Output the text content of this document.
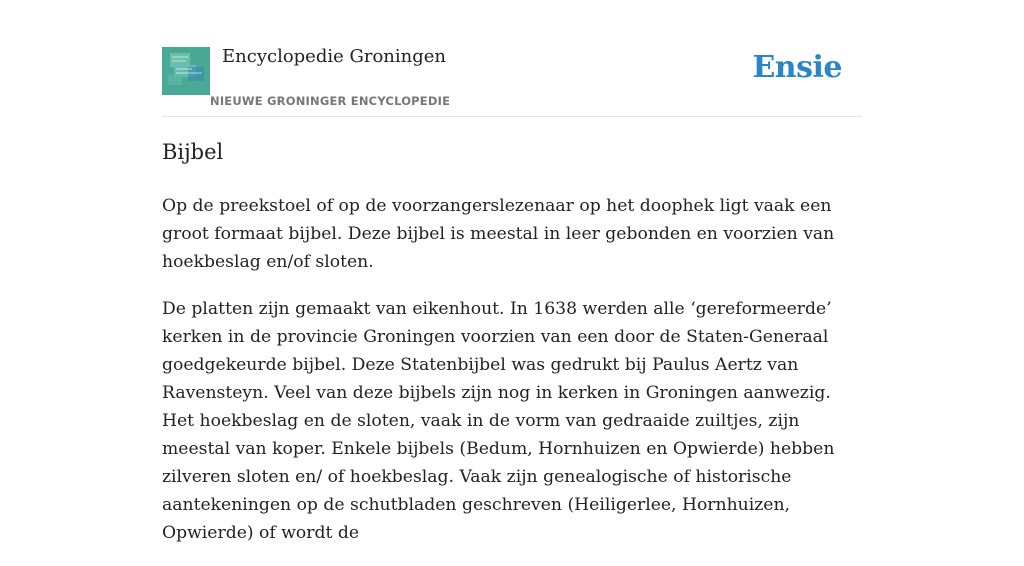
Encyclopedie Groningen
NIEUWE GRONINGER ENCYCLOPEDIE
Ensie
Bijbel

Op de preekstoel of op de voorzangerslezenaar op het doophek ligt vaak een groot formaat bijbel. Deze bijbel is meestal in leer gebonden en voorzien van hoekbeslag en/of sloten.

De platten zijn gemaakt van eikenhout. In 1638 werden alle ‘gereformeerde’ kerken in de provincie Groningen voorzien van een door de Staten-Generaal goedgekeurde bijbel. Deze Statenbijbel was gedrukt bij Paulus Aertz van Ravensteyn. Veel van deze bijbels zijn nog in kerken in Groningen aanwezig. Het hoekbeslag en de sloten, vaak in de vorm van gedraaide zuiltjes, zijn meestal van koper. Enkele bijbels (Bedum, Hornhuizen en Opwierde) hebben zilveren sloten en/ of hoekbeslag. Vaak zijn genealogische of historische aantekeningen op de schutbladen geschreven (Heiligerlee, Hornhuizen, Opwierde) of wordt de
